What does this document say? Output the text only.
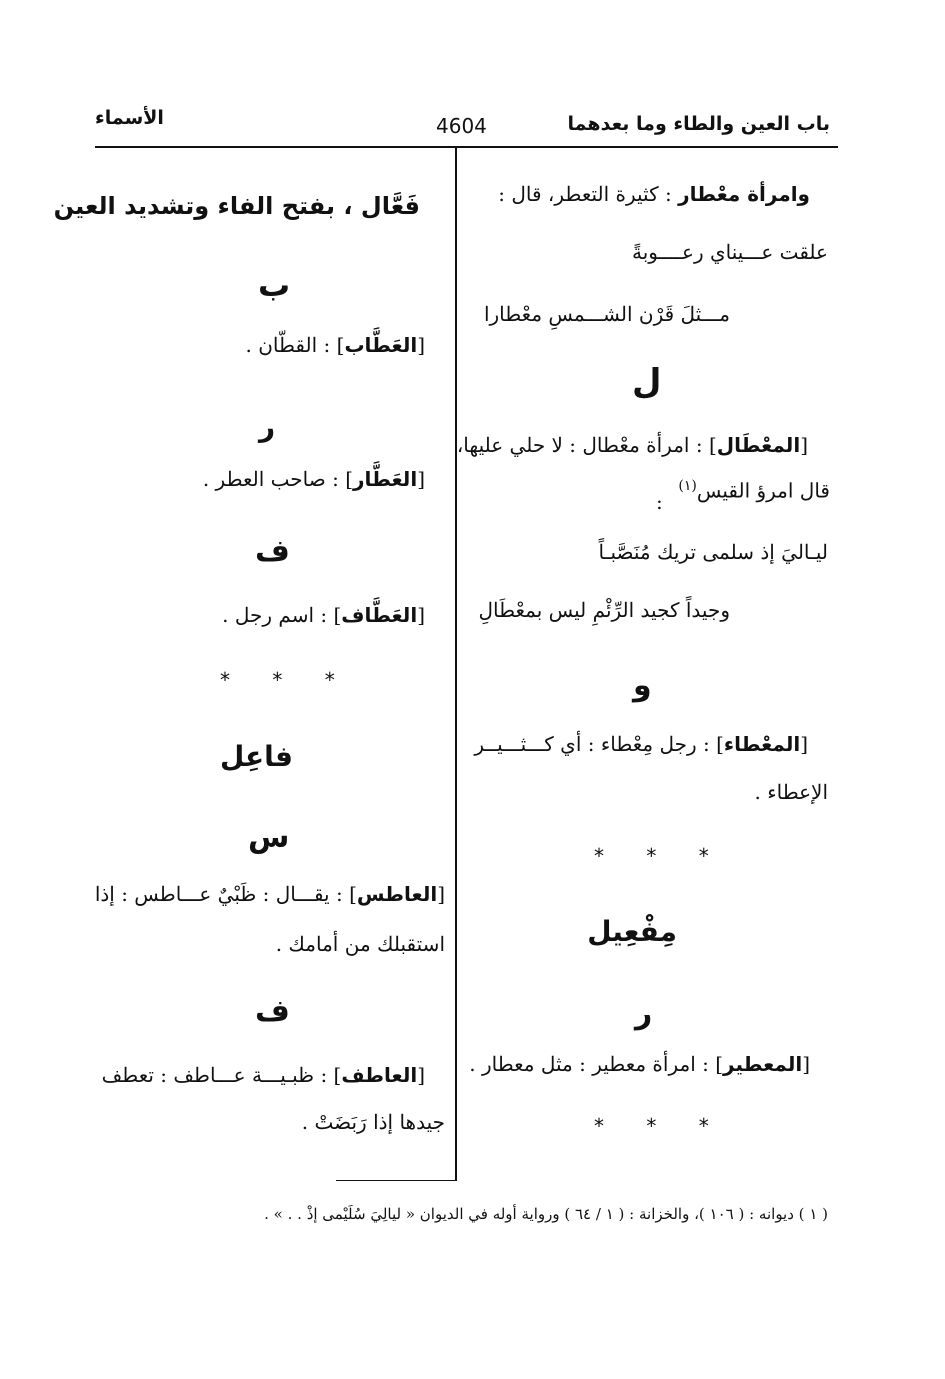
باب العين والطاء وما بعدهما
4604
الأسماء
وامرأة معْطار : كثيرة التعطر، قال :
علقت عـــيناي رعــــوبةً
مـــثلَ قَرْن الشـــمسِ معْطارا
ل
[المعْطَال] : امرأة معْطال : لا حلي عليها،
قال امرؤ القيس$^{(١)}$
:
ليـاليَ إذ سلمى تريك مُنَصَّبـاً
وجيداً كجيد الرِّئْمِ ليس بمعْطَالِ
و
[المعْطاء] : رجل مِعْطاء : أي كـــثـــيــر
الإعطاء .
* * *
مِفْعِيل
ر
[المعطير] : امرأة معطير : مثل معطار .
* * *
فَعَّال ، بفتح الفاء وتشديد العين
ب
[العَطَّاب] : القطّان .
ر
[العَطَّار] : صاحب العطر .
ف
[العَطَّاف] : اسم رجل .
* * *
فاعِل
س
[العاطس] : يقـــال : ظَبْيٌ عـــاطس : إذا
استقبلك من أمامك .
ف
[العاطف] : ظبـيـــة عـــاطف : تعطف
جيدها إذا رَبَضَتْ .
( ١ ) ديوانه : ( ١٠٦ )، والخزانة : ( ١ / ٦٤ ) ورواية أوله في الديوان « ليالِيَ سُلَيْمى إذْ . . » .
